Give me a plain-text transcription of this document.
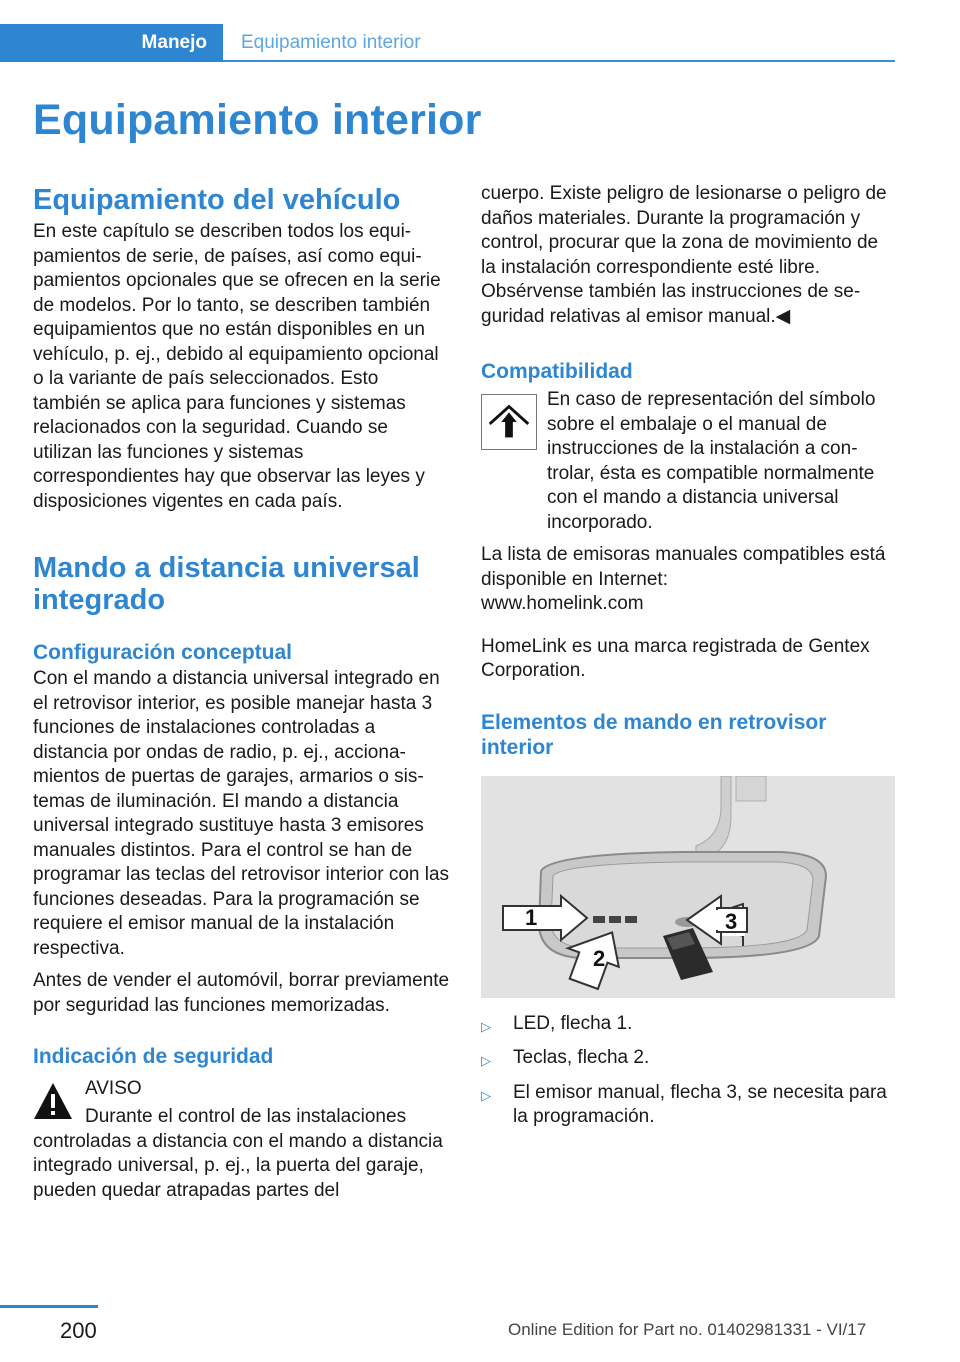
Manejo Equipamiento interior
Equipamiento interior
Equipamiento del vehículo

En este capítulo se describen todos los equipamientos de serie, de países, así como equipamientos opcionales que se ofrecen en la serie de modelos. Por lo tanto, se describen también equipamientos que no están disponibles en un vehículo, p. ej., debido al equipamiento opcional o la variante de país seleccionados. Esto también se aplica para funciones y sistemas relacionados con la seguridad. Cuando se utilizan las funciones y sistemas correspondientes hay que observar las leyes y disposiciones vigentes en cada país.

Mando a distancia universal integrado
Configuración conceptual

Con el mando a distancia universal integrado en el retrovisor interior, es posible manejar hasta 3 funciones de instalaciones controladas a distancia por ondas de radio, p. ej., accionamientos de puertas de garajes, armarios o sistemas de iluminación. El mando a distancia universal integrado sustituye hasta 3 emisores manuales distintos. Para el control se han de programar las teclas del retrovisor interior con las funciones deseadas. Para la programación se requiere el emisor manual de la instalación respectiva.

Antes de vender el automóvil, borrar previamente por seguridad las funciones memorizadas.

Indicación de seguridad

AVISO

Durante el control de las instalaciones controladas a distancia con el mando a distancia integrado universal, p. ej., la puerta del garaje, pueden quedar atrapadas partes del

cuerpo. Existe peligro de lesionarse o peligro de daños materiales. Durante la programación y control, procurar que la zona de movimiento de la instalación correspondiente esté libre. Obsérvense también las instrucciones de seguridad relativas al emisor manual.◀

Compatibilidad

En caso de representación del símbolo sobre el embalaje o el manual de instrucciones de la instalación a controlar, ésta es compatible normalmente con el mando a distancia universal incorporado.

La lista de emisoras manuales compatibles está disponible en Internet:

www.homelink.com

HomeLink es una marca registrada de Gentex Corporation.

Elementos de mando en retrovisor interior
1
2
3
▷	LED, flecha 1.
▷	Teclas, flecha 2.
▷	El emisor manual, flecha 3, se necesita para la programación.
200	Online Edition for Part no. 01402981331 - VI/17
